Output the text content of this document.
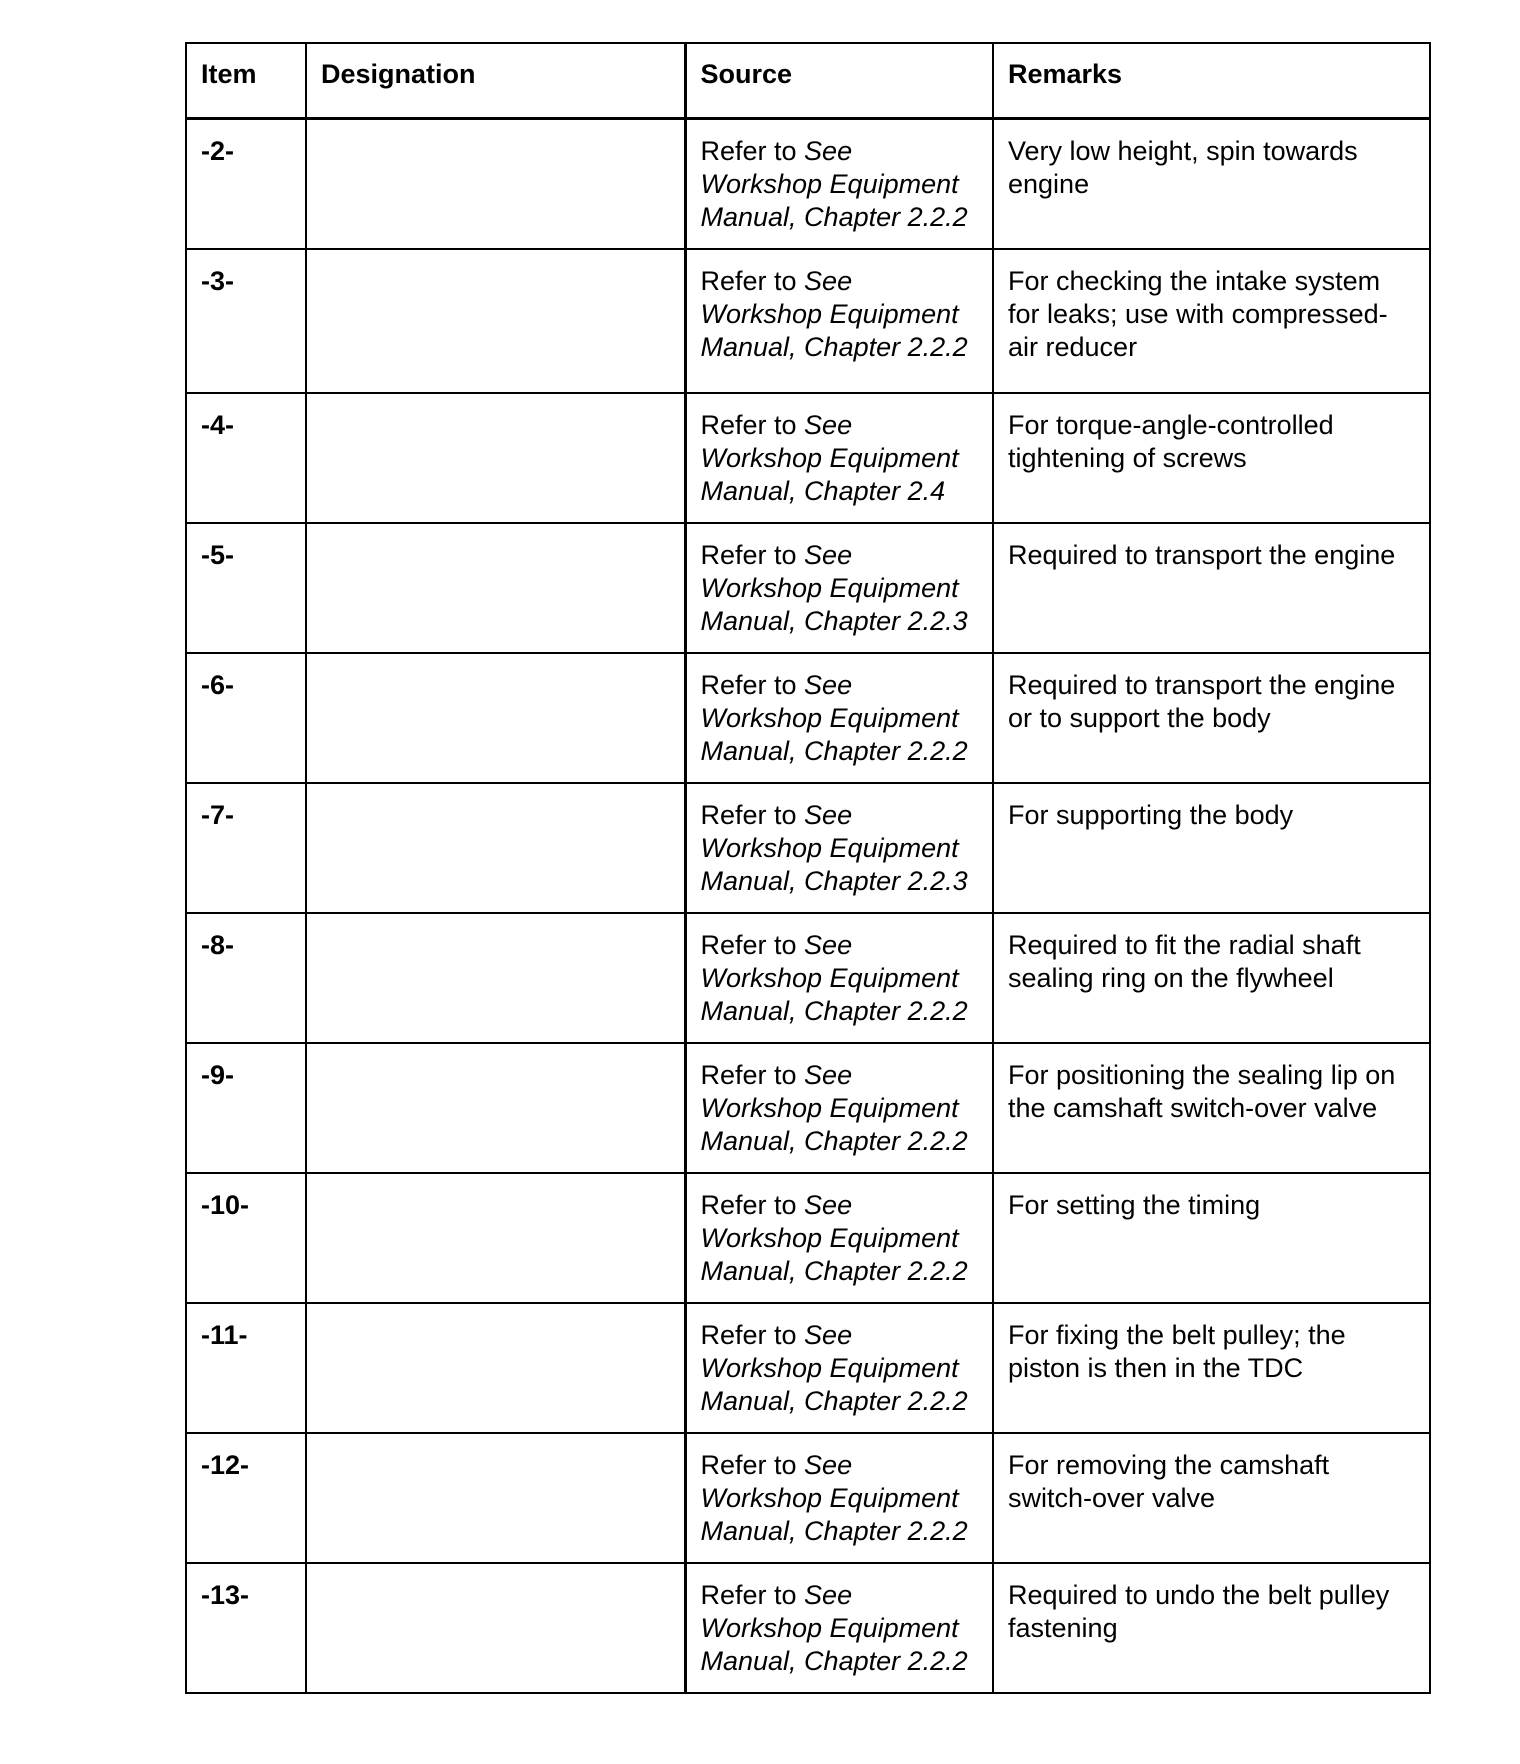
Item	Designation	Source	Remarks
-2-		Refer to See Workshop Equipment Manual, Chapter 2.2.2	Very low height, spin towards engine
-3-		Refer to See Workshop Equipment Manual, Chapter 2.2.2	For checking the intake system for leaks; use with compressed-air reducer
-4-		Refer to See Workshop Equipment Manual, Chapter 2.4	For torque-angle-controlled tightening of screws
-5-		Refer to See Workshop Equipment Manual, Chapter 2.2.3	Required to transport the engine
-6-		Refer to See Workshop Equipment Manual, Chapter 2.2.2	Required to transport the engine or to support the body
-7-		Refer to See Workshop Equipment Manual, Chapter 2.2.3	For supporting the body
-8-		Refer to See Workshop Equipment Manual, Chapter 2.2.2	Required to fit the radial shaft sealing ring on the flywheel
-9-		Refer to See Workshop Equipment Manual, Chapter 2.2.2	For positioning the sealing lip on the camshaft switch-over valve
-10-		Refer to See Workshop Equipment Manual, Chapter 2.2.2	For setting the timing
-11-		Refer to See Workshop Equipment Manual, Chapter 2.2.2	For fixing the belt pulley; the piston is then in the TDC
-12-		Refer to See Workshop Equipment Manual, Chapter 2.2.2	For removing the camshaft switch-over valve
-13-		Refer to See Workshop Equipment Manual, Chapter 2.2.2	Required to undo the belt pulley fastening
